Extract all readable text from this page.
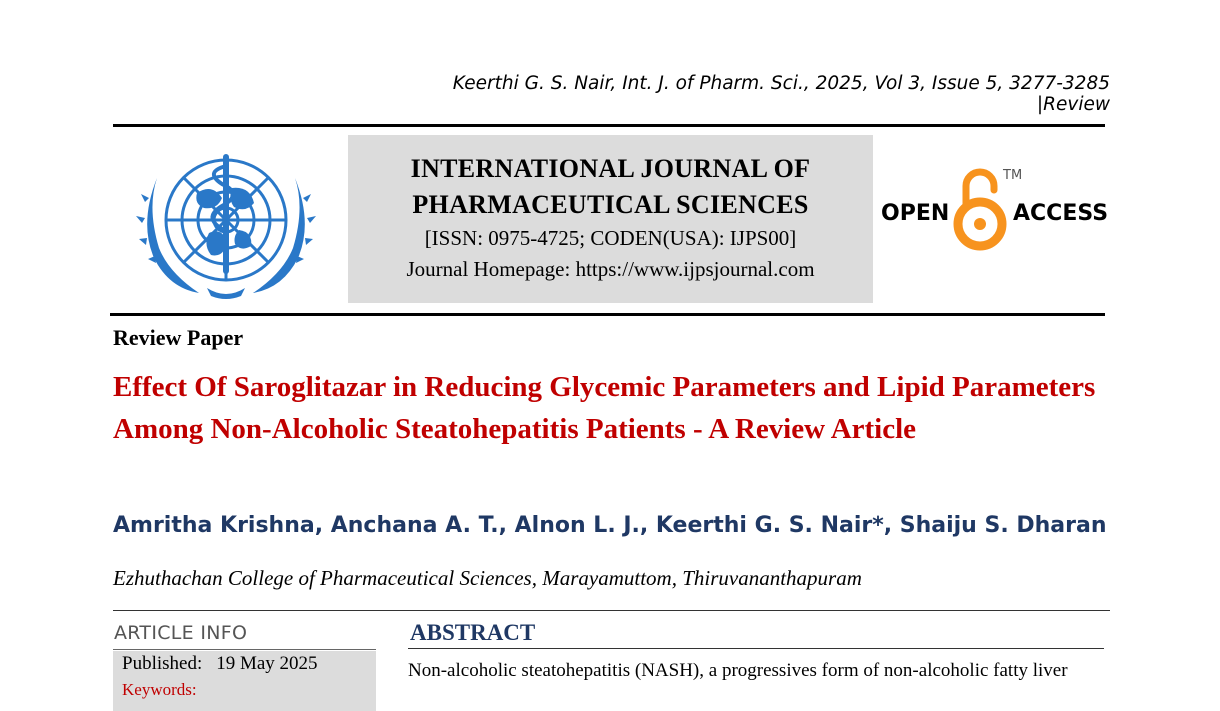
Keerthi G. S. Nair, Int. J. of Pharm. Sci., 2025, Vol 3, Issue 5, 3277-3285 |Review
INTERNATIONAL JOURNAL OF
PHARMACEUTICAL SCIENCES
[ISSN: 0975-4725; CODEN(USA): IJPS00]
Journal Homepage: https://www.ijpsjournal.com
OPEN
TM
ACCESS
Review Paper
Effect Of Saroglitazar in Reducing Glycemic Parameters and Lipid Parameters Among Non-Alcoholic Steatohepatitis Patients - A Review Article
Amritha Krishna, Anchana A. T., Alnon L. J., Keerthi G. S. Nair*, Shaiju S. Dharan
Ezhuthachan College of Pharmaceutical Sciences, Marayamuttom, Thiruvananthapuram
ARTICLE INFO
Published: 19 May 2025
Keywords:
ABSTRACT
Non-alcoholic steatohepatitis (NASH), a progressives form of non-alcoholic fatty liver
